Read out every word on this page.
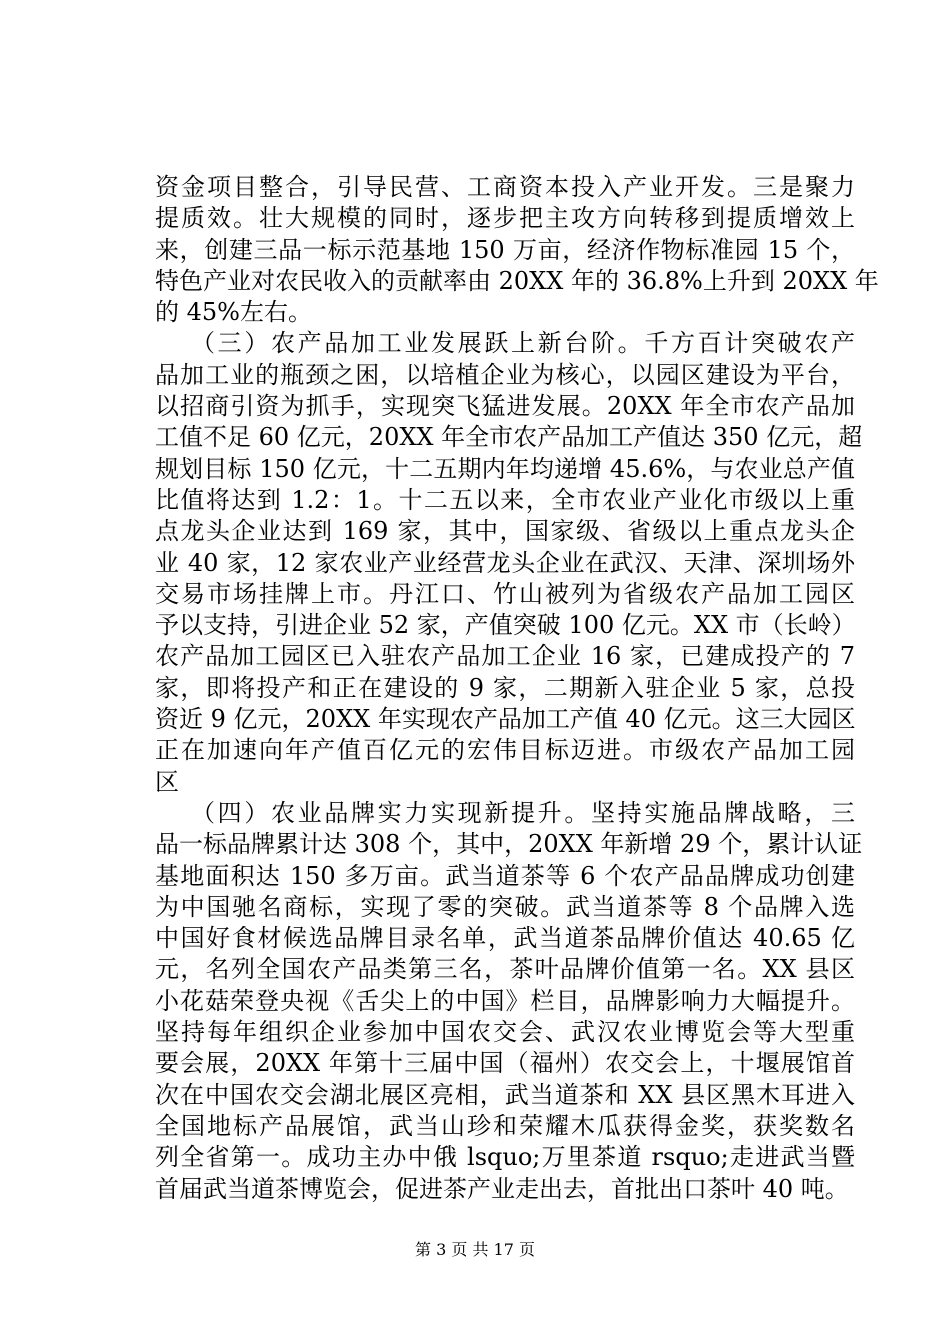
资金项目整合，引导民营、工商资本投入产业开发。三是聚力
提质效。壮大规模的同时，逐步把主攻方向转移到提质增效上
来，创建三品一标示范基地 150 万亩，经济作物标准园 15 个，
特色产业对农民收入的贡献率由 20XX 年的 36.8%上升到 20XX 年
的 45%左右。
（三）农产品加工业发展跃上新台阶。千方百计突破农产
品加工业的瓶颈之困，以培植企业为核心，以园区建设为平台，
以招商引资为抓手，实现突飞猛进发展。20XX 年全市农产品加
工值不足 60 亿元，20XX 年全市农产品加工产值达 350 亿元，超
规划目标 150 亿元，十二五期内年均递增 45.6%，与农业总产值
比值将达到 1.2：1。十二五以来，全市农业产业化市级以上重
点龙头企业达到 169 家，其中，国家级、省级以上重点龙头企
业 40 家，12 家农业产业经营龙头企业在武汉、天津、深圳场外
交易市场挂牌上市。丹江口、竹山被列为省级农产品加工园区
予以支持，引进企业 52 家，产值突破 100 亿元。XX 市（长岭）
农产品加工园区已入驻农产品加工企业 16 家，已建成投产的 7
家，即将投产和正在建设的 9 家，二期新入驻企业 5 家，总投
资近 9 亿元，20XX 年实现农产品加工产值 40 亿元。这三大园区
正在加速向年产值百亿元的宏伟目标迈进。市级农产品加工园
区
（四）农业品牌实力实现新提升。坚持实施品牌战略，三
品一标品牌累计达 308 个，其中，20XX 年新增 29 个，累计认证
基地面积达 150 多万亩。武当道茶等 6 个农产品品牌成功创建
为中国驰名商标，实现了零的突破。武当道茶等 8 个品牌入选
中国好食材候选品牌目录名单，武当道茶品牌价值达 40.65 亿
元，名列全国农产品类第三名，茶叶品牌价值第一名。XX 县区
小花菇荣登央视《舌尖上的中国》栏目，品牌影响力大幅提升。
坚持每年组织企业参加中国农交会、武汉农业博览会等大型重
要会展，20XX 年第十三届中国（福州）农交会上，十堰展馆首
次在中国农交会湖北展区亮相，武当道茶和 XX 县区黑木耳进入
全国地标产品展馆，武当山珍和荣耀木瓜获得金奖，获奖数名
列全省第一。成功主办中俄 lsquo;万里茶道 rsquo;走进武当暨
首届武当道茶博览会，促进茶产业走出去，首批出口茶叶 40 吨。
第 3 页 共 17 页
